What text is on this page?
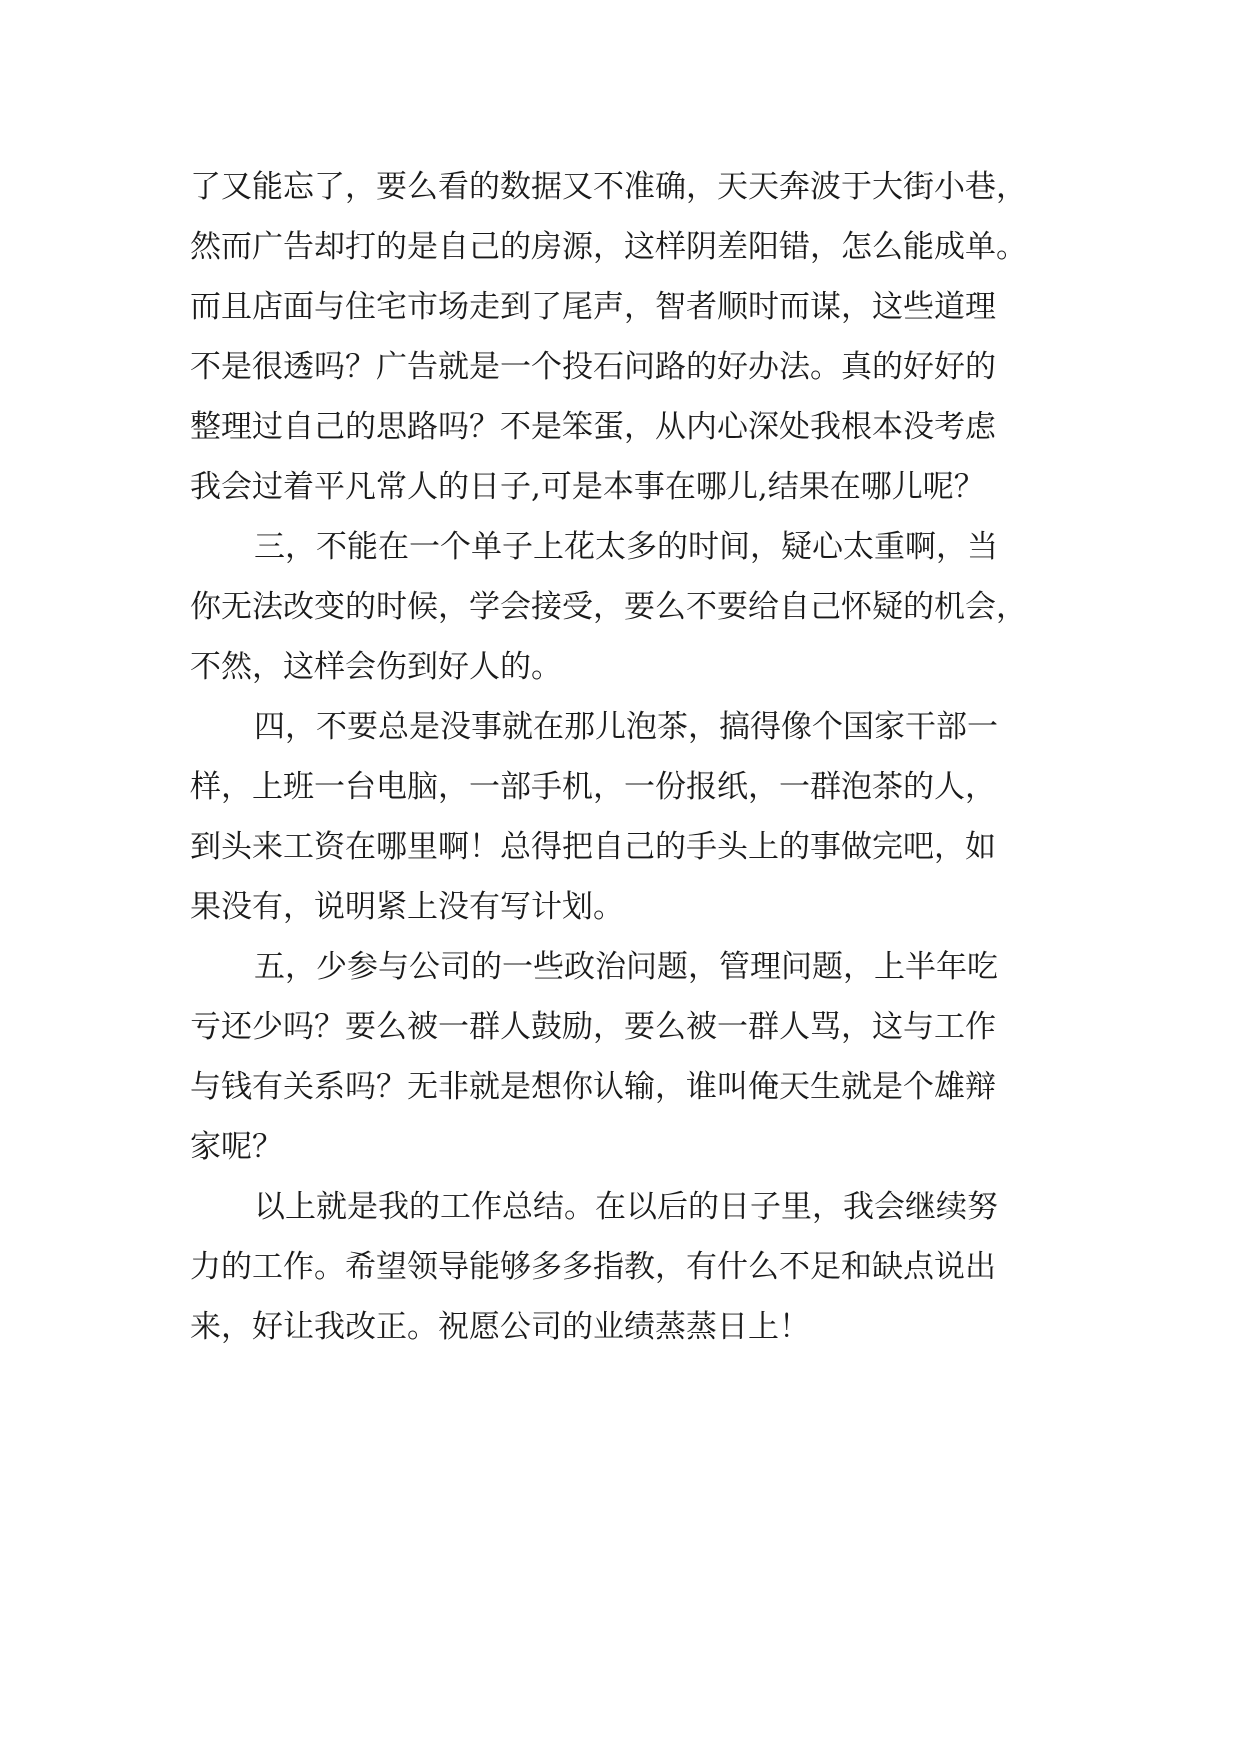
了又能忘了，要么看的数据又不准确，天天奔波于大街小巷，
然而广告却打的是自己的房源，这样阴差阳错，怎么能成单。
而且店面与住宅市场走到了尾声，智者顺时而谋，这些道理
不是很透吗？广告就是一个投石问路的好办法。真的好好的
整理过自己的思路吗？不是笨蛋，从内心深处我根本没考虑
我会过着平凡常人的日子,可是本事在哪儿,结果在哪儿呢？
三，不能在一个单子上花太多的时间，疑心太重啊，当
你无法改变的时候，学会接受，要么不要给自己怀疑的机会，
不然，这样会伤到好人的。
四，不要总是没事就在那儿泡茶，搞得像个国家干部一
样，上班一台电脑，一部手机，一份报纸，一群泡茶的人，
到头来工资在哪里啊！总得把自己的手头上的事做完吧，如
果没有，说明紧上没有写计划。
五，少参与公司的一些政治问题，管理问题，上半年吃
亏还少吗？要么被一群人鼓励，要么被一群人骂，这与工作
与钱有关系吗？无非就是想你认输，谁叫俺天生就是个雄辩
家呢？
以上就是我的工作总结。在以后的日子里，我会继续努
力的工作。希望领导能够多多指教，有什么不足和缺点说出
来，好让我改正。祝愿公司的业绩蒸蒸日上！
